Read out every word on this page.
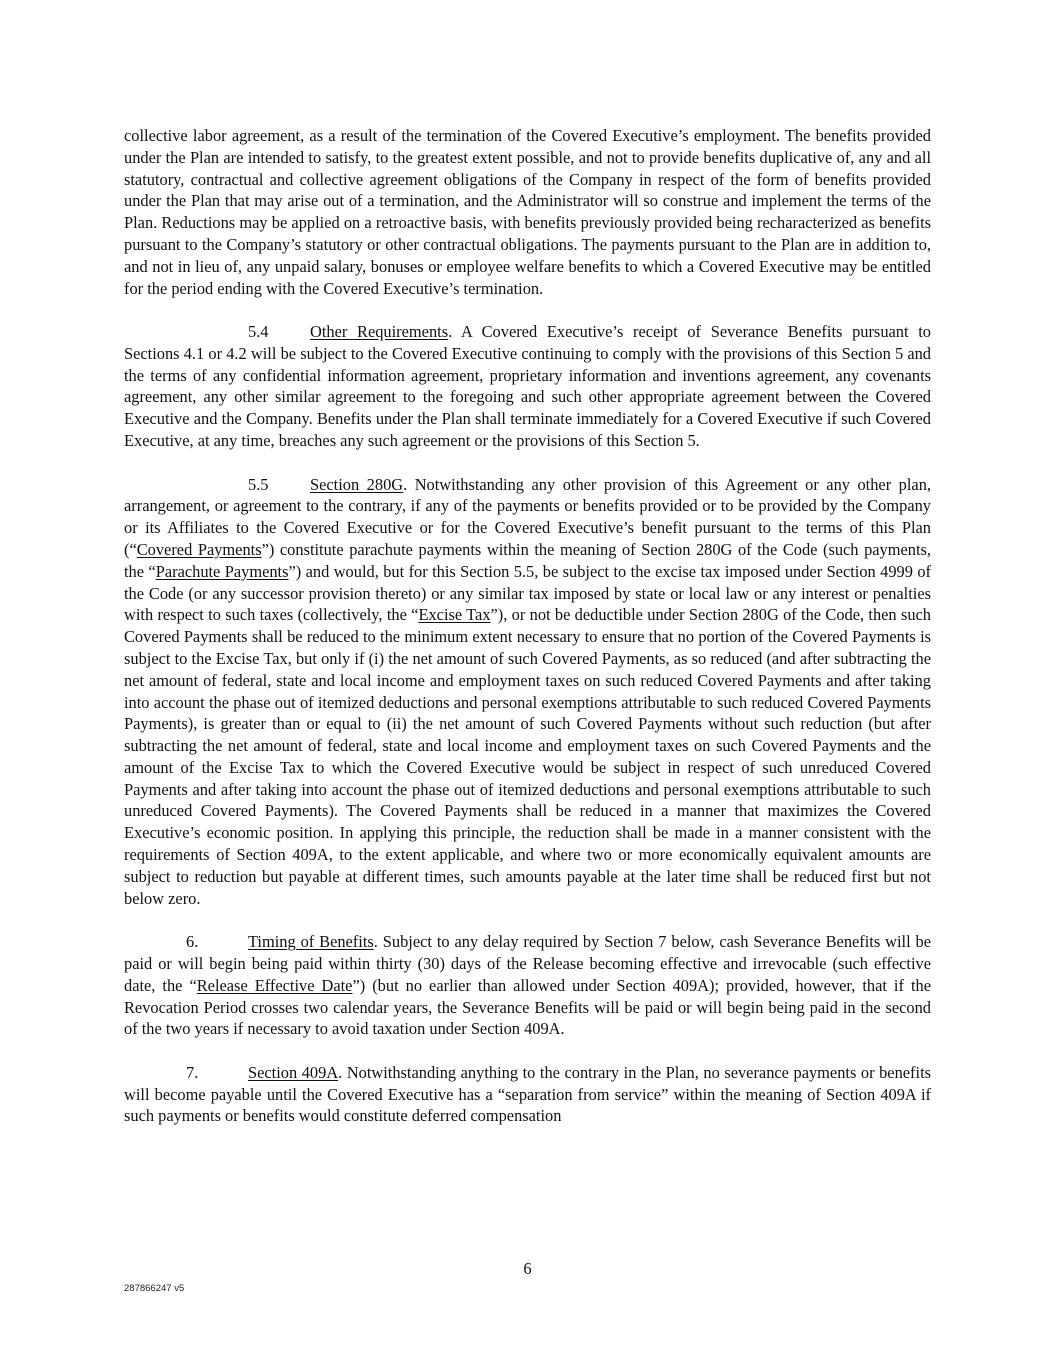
collective labor agreement, as a result of the termination of the Covered Executive’s employment. The benefits provided under the Plan are intended to satisfy, to the greatest extent possible, and not to provide benefits duplicative of, any and all statutory, contractual and collective agreement obligations of the Company in respect of the form of benefits provided under the Plan that may arise out of a termination, and the Administrator will so construe and implement the terms of the Plan. Reductions may be applied on a retroactive basis, with benefits previously provided being recharacterized as benefits pursuant to the Company’s statutory or other contractual obligations. The payments pursuant to the Plan are in addition to, and not in lieu of, any unpaid salary, bonuses or employee welfare benefits to which a Covered Executive may be entitled for the period ending with the Covered Executive’s termination.

5.4	Other Requirements. A Covered Executive’s receipt of Severance Benefits pursuant to Sections 4.1 or 4.2 will be subject to the Covered Executive continuing to comply with the provisions of this Section 5 and the terms of any confidential information agreement, proprietary information and inventions agreement, any covenants agreement, any other similar agreement to the foregoing and such other appropriate agreement between the Covered Executive and the Company. Benefits under the Plan shall terminate immediately for a Covered Executive if such Covered Executive, at any time, breaches any such agreement or the provisions of this Section 5.

5.5	Section 280G. Notwithstanding any other provision of this Agreement or any other plan, arrangement, or agreement to the contrary, if any of the payments or benefits provided or to be provided by the Company or its Affiliates to the Covered Executive or for the Covered Executive’s benefit pursuant to the terms of this Plan (“Covered Payments”) constitute parachute payments within the meaning of Section 280G of the Code (such payments, the “Parachute Payments”) and would, but for this Section 5.5, be subject to the excise tax imposed under Section 4999 of the Code (or any successor provision thereto) or any similar tax imposed by state or local law or any interest or penalties with respect to such taxes (collectively, the “Excise Tax”), or not be deductible under Section 280G of the Code, then such Covered Payments shall be reduced to the minimum extent necessary to ensure that no portion of the Covered Payments is subject to the Excise Tax, but only if (i) the net amount of such Covered Payments, as so reduced (and after subtracting the net amount of federal, state and local income and employment taxes on such reduced Covered Payments and after taking into account the phase out of itemized deductions and personal exemptions attributable to such reduced Covered Payments Payments), is greater than or equal to (ii) the net amount of such Covered Payments without such reduction (but after subtracting the net amount of federal, state and local income and employment taxes on such Covered Payments and the amount of the Excise Tax to which the Covered Executive would be subject in respect of such unreduced Covered Payments and after taking into account the phase out of itemized deductions and personal exemptions attributable to such unreduced Covered Payments). The Covered Payments shall be reduced in a manner that maximizes the Covered Executive’s economic position. In applying this principle, the reduction shall be made in a manner consistent with the requirements of Section 409A, to the extent applicable, and where two or more economically equivalent amounts are subject to reduction but payable at different times, such amounts payable at the later time shall be reduced first but not below zero.

6.	Timing of Benefits. Subject to any delay required by Section 7 below, cash Severance Benefits will be paid or will begin being paid within thirty (30) days of the Release becoming effective and irrevocable (such effective date, the “Release Effective Date”) (but no earlier than allowed under Section 409A); provided, however, that if the Revocation Period crosses two calendar years, the Severance Benefits will be paid or will begin being paid in the second of the two years if necessary to avoid taxation under Section 409A.

7.	Section 409A. Notwithstanding anything to the contrary in the Plan, no severance payments or benefits will become payable until the Covered Executive has a “separation from service” within the meaning of Section 409A if such payments or benefits would constitute deferred compensation

6
287866247 v5
